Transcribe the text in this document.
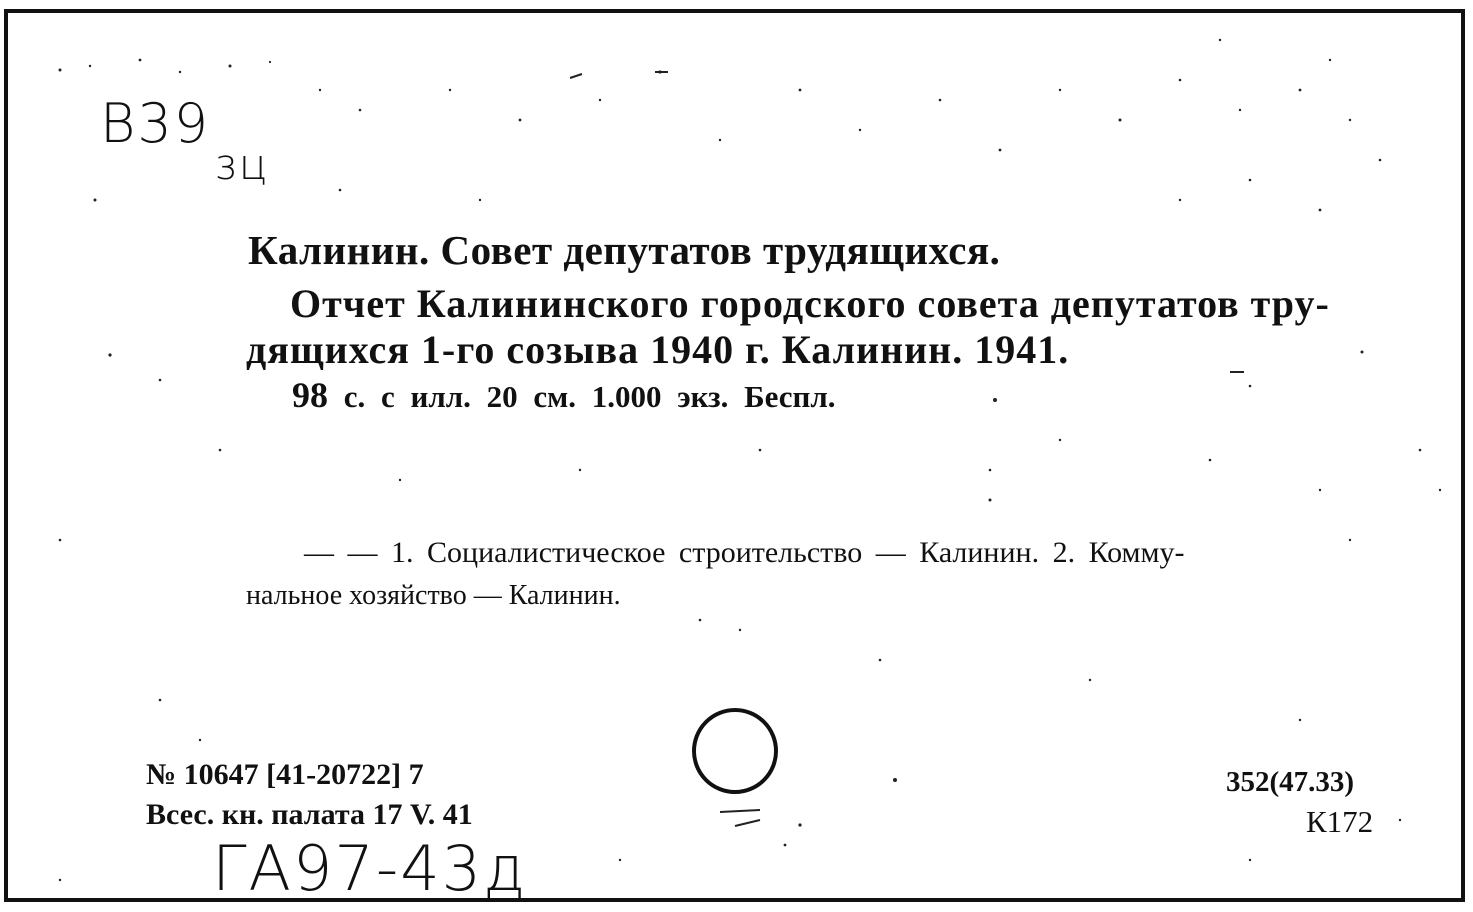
В39
зц
Калинин. Совет депутатов трудящихся.
Отчет Калининского городского совета депутатов тру-
дящихся 1-го созыва 1940 г. Калинин. 1941.
98 с. с илл. 20 см. 1.000 экз. Беспл.
— — 1. Социалистическое строительство — Калинин. 2. Комму-
нальное хозяйство — Калинин.
№ 10647 [41-20722] 7
Всес. кн. палата 17 V. 41
352(47.33)
К172
ГА97-43д
